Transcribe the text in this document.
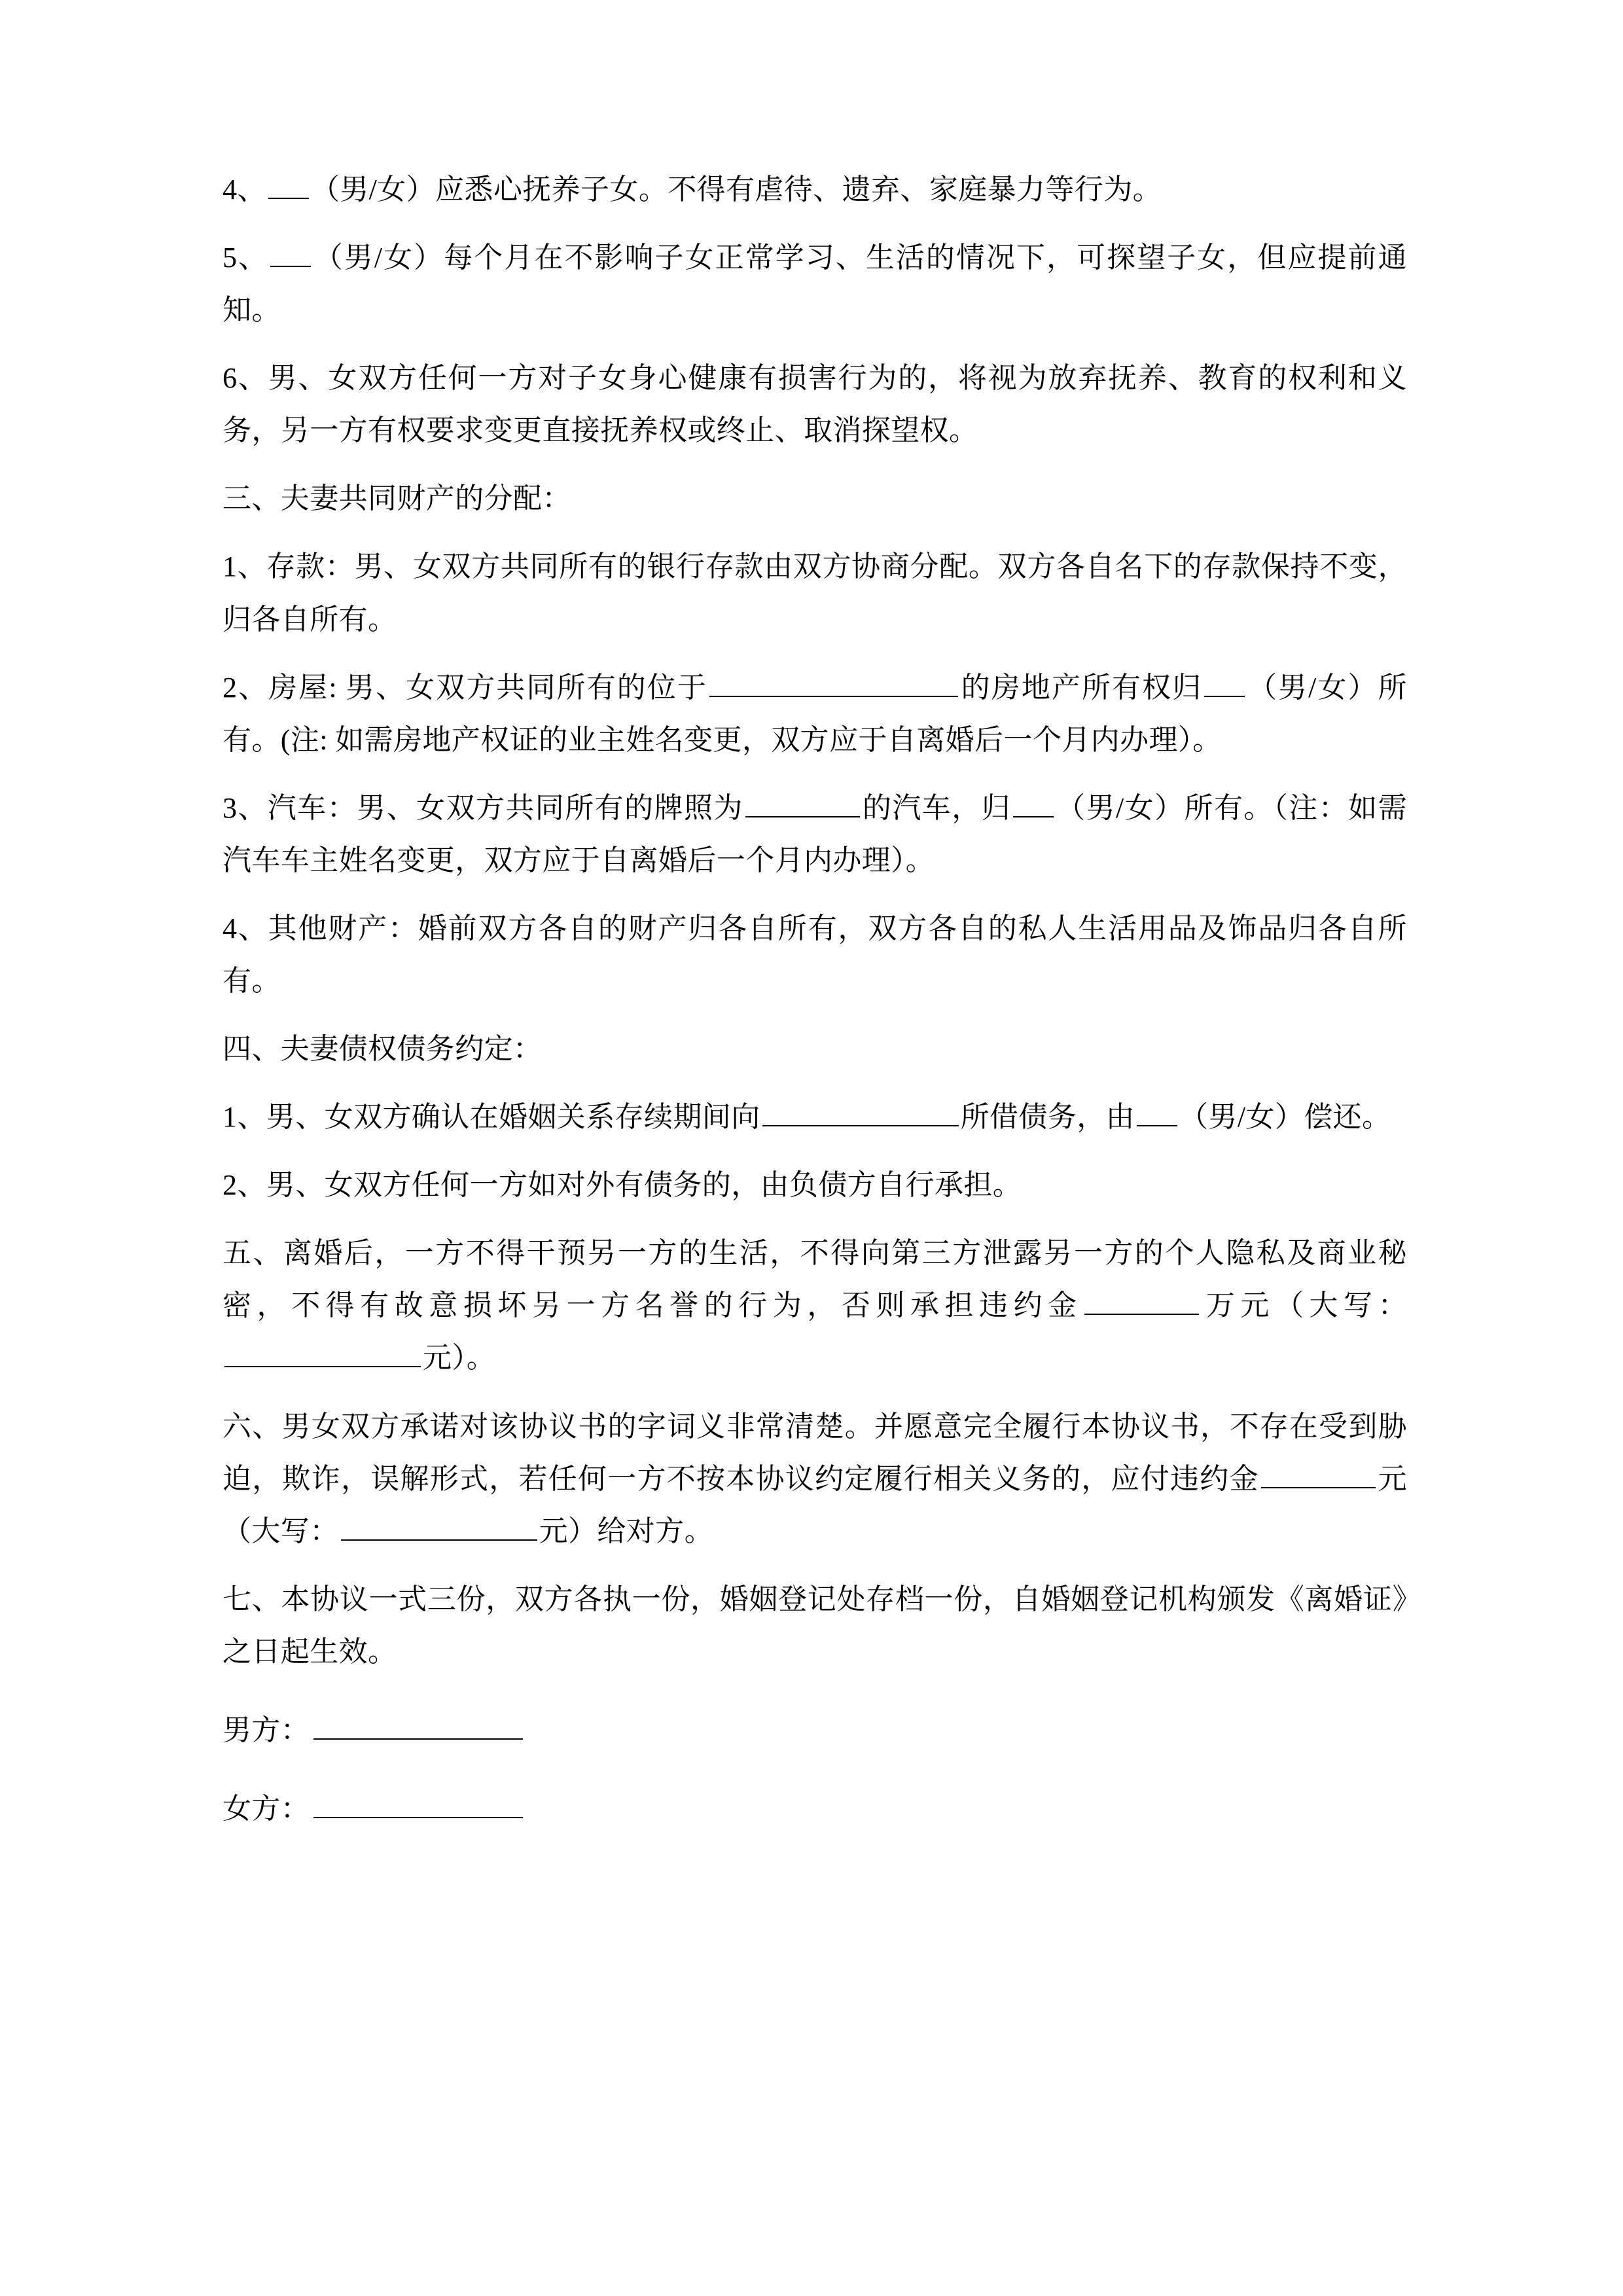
4、 （男/女）应悉心抚养子女。不得有虐待、遗弃、家庭暴力等行为。
5、 （男/女）每个月在不影响子女正常学习、生活的情况下，可探望子女，但应提前通知。
6、男、女双方任何一方对子女身心健康有损害行为的，将视为放弃抚养、教育的权利和义务，另一方有权要求变更直接抚养权或终止、取消探望权。
三、夫妻共同财产的分配：
1、存款：男、女双方共同所有的银行存款由双方协商分配。双方各自名下的存款保持不变，归各自所有。
2、房屋: 男、女双方共同所有的位于	的房地产所有权归 （男/女）所有。(注: 如需房地产权证的业主姓名变更，双方应于自离婚后一个月内办理）。
3、汽车：男、女双方共同所有的牌照为	的汽车，归 （男/女）所有。（注：如需汽车车主姓名变更，双方应于自离婚后一个月内办理）。
4、其他财产：婚前双方各自的财产归各自所有，双方各自的私人生活用品及饰品归各自所有。
四、夫妻债权债务约定：
1、男、女双方确认在婚姻关系存续期间向	所借债务，由 （男/女）偿还。
2、男、女双方任何一方如对外有债务的，由负债方自行承担。
五、离婚后，一方不得干预另一方的生活，不得向第三方泄露另一方的个人隐私及商业秘密，不得有故意损坏另一方名誉的行为，否则承担违约金	万元（大写：元）。
六、男女双方承诺对该协议书的字词义非常清楚。并愿意完全履行本协议书，不存在受到胁迫，欺诈，误解形式，若任何一方不按本协议约定履行相关义务的，应付违约金	元（大写：	元）给对方。
七、本协议一式三份，双方各执一份，婚姻登记处存档一份，自婚姻登记机构颁发《离婚证》之日起生效。
男方：
女方：
